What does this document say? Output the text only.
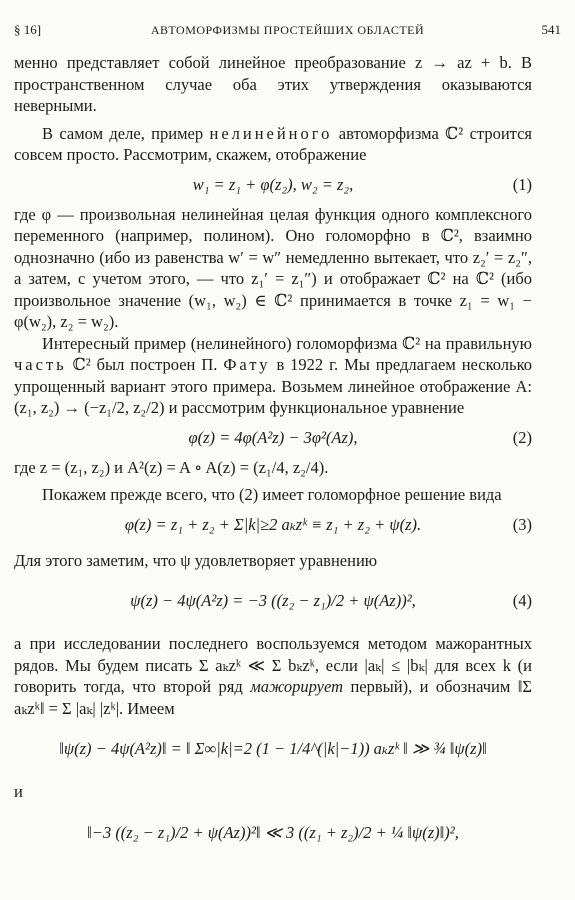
§ 16]	АВТОМОРФИЗМЫ ПРОСТЕЙШИХ ОБЛАСТЕЙ	541

менно представляет собой линейное преобразование z → az + b. В пространственном случае оба этих утверждения оказываются неверными.

В самом деле, пример нелинейного автоморфизма ℂ² строится совсем просто. Рассмотрим, скажем, отображение

w₁ = z₁ + φ(z₂), w₂ = z₂,	(1)

где φ — произвольная нелинейная целая функция одного комплексного переменного (например, полином). Оно голоморфно в ℂ², взаимно однозначно (ибо из равенства w′ = w″ немедленно вытекает, что z₂′ = z₂″, а затем, с учетом этого, — что z₁′ = z₁″) и отображает ℂ² на ℂ² (ибо произвольное значение (w₁, w₂) ∈ ℂ² принимается в точке z₁ = w₁ − φ(w₂), z₂ = w₂).

Интересный пример (нелинейного) голоморфизма ℂ² на правильную часть ℂ² был построен П. Фату в 1922 г. Мы предлагаем несколько упрощенный вариант этого примера. Возьмем линейное отображение A: (z₁, z₂) → (−z₁/2, z₂/2) и рассмотрим функциональное уравнение

φ(z) = 4φ(A²z) − 3φ²(Az),	(2)

где z = (z₁, z₂) и A²(z) = A ∘ A(z) = (z₁/4, z₂/4).

Покажем прежде всего, что (2) имеет голоморфное решение вида

φ(z) = z₁ + z₂ + Σ|k|≥2 aₖzᵏ ≡ z₁ + z₂ + ψ(z).	(3)

Для этого заметим, что ψ удовлетворяет уравнению

ψ(z) − 4ψ(A²z) = −3 ((z₂ − z₁)/2 + ψ(Az))²,	(4)

а при исследовании последнего воспользуемся методом мажорантных рядов. Мы будем писать Σ aₖzᵏ ≪ Σ bₖzᵏ, если |aₖ| ≤ |bₖ| для всех k (и говорить тогда, что второй ряд мажорирует первый), и обозначим ‖Σ aₖzᵏ‖ = Σ |aₖ| |zᵏ|. Имеем

‖ψ(z) − 4ψ(A²z)‖ = ‖ Σ∞|k|=2 (1 − 1/4^(|k|−1)) aₖzᵏ ‖ ≫ ¾ ‖ψ(z)‖

и

‖−3 ((z₂ − z₁)/2 + ψ(Az))²‖ ≪ 3 ((z₁ + z₂)/2 + ¼ ‖ψ(z)‖)²,
